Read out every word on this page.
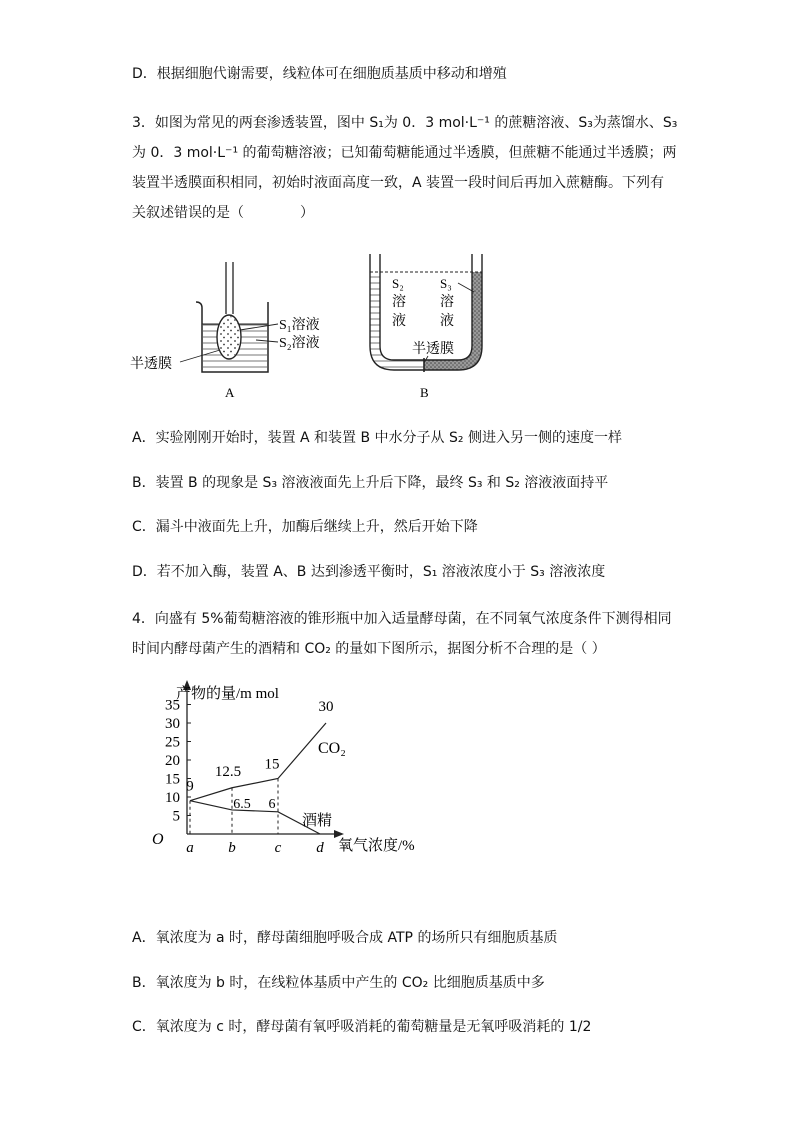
D．根据细胞代谢需要，线粒体可在细胞质基质中移动和增殖
3．如图为常见的两套渗透装置，图中 S₁为 0．3 mol·L⁻¹ 的蔗糖溶液、S₃为蒸馏水、S₃
为 0．3 mol·L⁻¹ 的葡萄糖溶液；已知葡萄糖能通过半透膜，但蔗糖不能通过半透膜；两
装置半透膜面积相同，初始时液面高度一致，A 装置一段时间后再加入蔗糖酶。下列有
关叙述错误的是（　　　　）
S₁溶液
S₂溶液
半透膜
A
S₂
溶
液
S₃
溶
液
半透膜
B
A．实验刚刚开始时，装置 A 和装置 B 中水分子从 S₂ 侧进入另一侧的速度一样
B．装置 B 的现象是 S₃ 溶液液面先上升后下降，最终 S₃ 和 S₂ 溶液液面持平
C．漏斗中液面先上升，加酶后继续上升，然后开始下降
D．若不加入酶，装置 A、B 达到渗透平衡时，S₁ 溶液浓度小于 S₃ 溶液浓度
4．向盛有 5%葡萄糖溶液的锥形瓶中加入适量酵母菌，在不同氧气浓度条件下测得相同
时间内酵母菌产生的酒精和 CO₂ 的量如下图所示，据图分析不合理的是（ ）
产物的量/m mol
氧气浓度/%
O
5
10
15
20
25
30
35
a b	c d
9
12.5 15
30
6.5 6
CO₂
酒精
A．氧浓度为 a 时，酵母菌细胞呼吸合成 ATP 的场所只有细胞质基质
B．氧浓度为 b 时，在线粒体基质中产生的 CO₂ 比细胞质基质中多
C．氧浓度为 c 时，酵母菌有氧呼吸消耗的葡萄糖量是无氧呼吸消耗的 1/2
